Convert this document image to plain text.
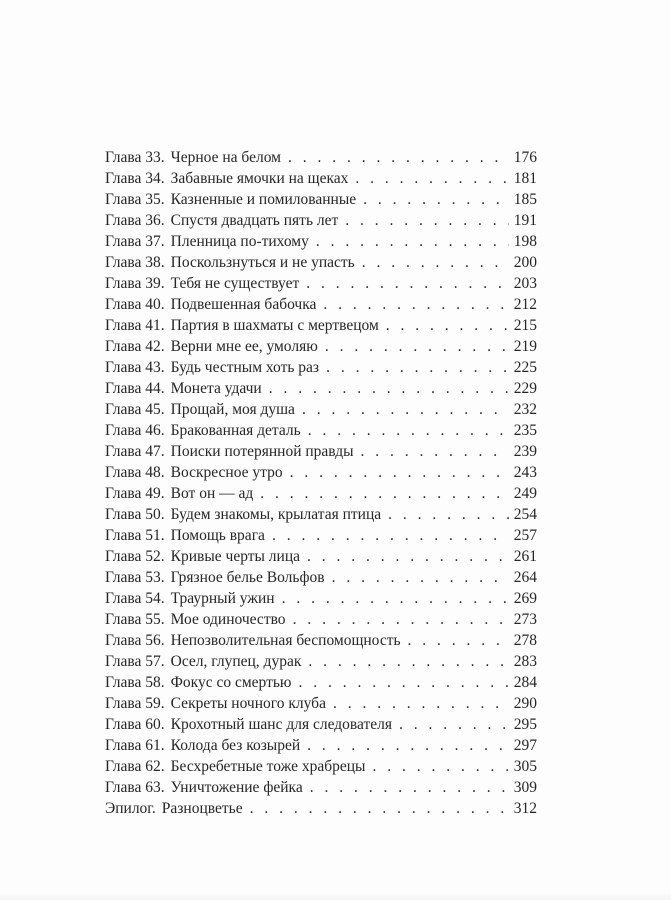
Глава 33. Черное на белом . . .	176
Глава 34. Забавные ямочки на щеках . . .	181
Глава 35. Казненные и помилованные . . .	185
Глава 36. Спустя двадцать пять лет . . .	191
Глава 37. Пленница по-тихому . . .	198
Глава 38. Поскользнуться и не упасть . . .	200
Глава 39. Тебя не существует . . .	203
Глава 40. Подвешенная бабочка . . .	212
Глава 41. Партия в шахматы с мертвецом . . .	215
Глава 42. Верни мне ее, умоляю . . .	219
Глава 43. Будь честным хоть раз . . .	225
Глава 44. Монета удачи . . .	229
Глава 45. Прощай, моя душа . . .	232
Глава 46. Бракованная деталь . . .	235
Глава 47. Поиски потерянной правды . . .	239
Глава 48. Воскресное утро . . .	243
Глава 49. Вот он — ад . . .	249
Глава 50. Будем знакомы, крылатая птица . . .	254
Глава 51. Помощь врага . . .	257
Глава 52. Кривые черты лица . . .	261
Глава 53. Грязное белье Вольфов . . .	264
Глава 54. Траурный ужин . . .	269
Глава 55. Мое одиночество . . .	273
Глава 56. Непозволительная беспомощность . . .	278
Глава 57. Осел, глупец, дурак . . .	283
Глава 58. Фокус со смертью . . .	284
Глава 59. Секреты ночного клуба . . .	290
Глава 60. Крохотный шанс для следователя . . .	295
Глава 61. Колода без козырей . . .	297
Глава 62. Бесхребетные тоже храбрецы . . .	305
Глава 63. Уничтожение фейка . . .	309
Эпилог. Разноцветье . . .	312
